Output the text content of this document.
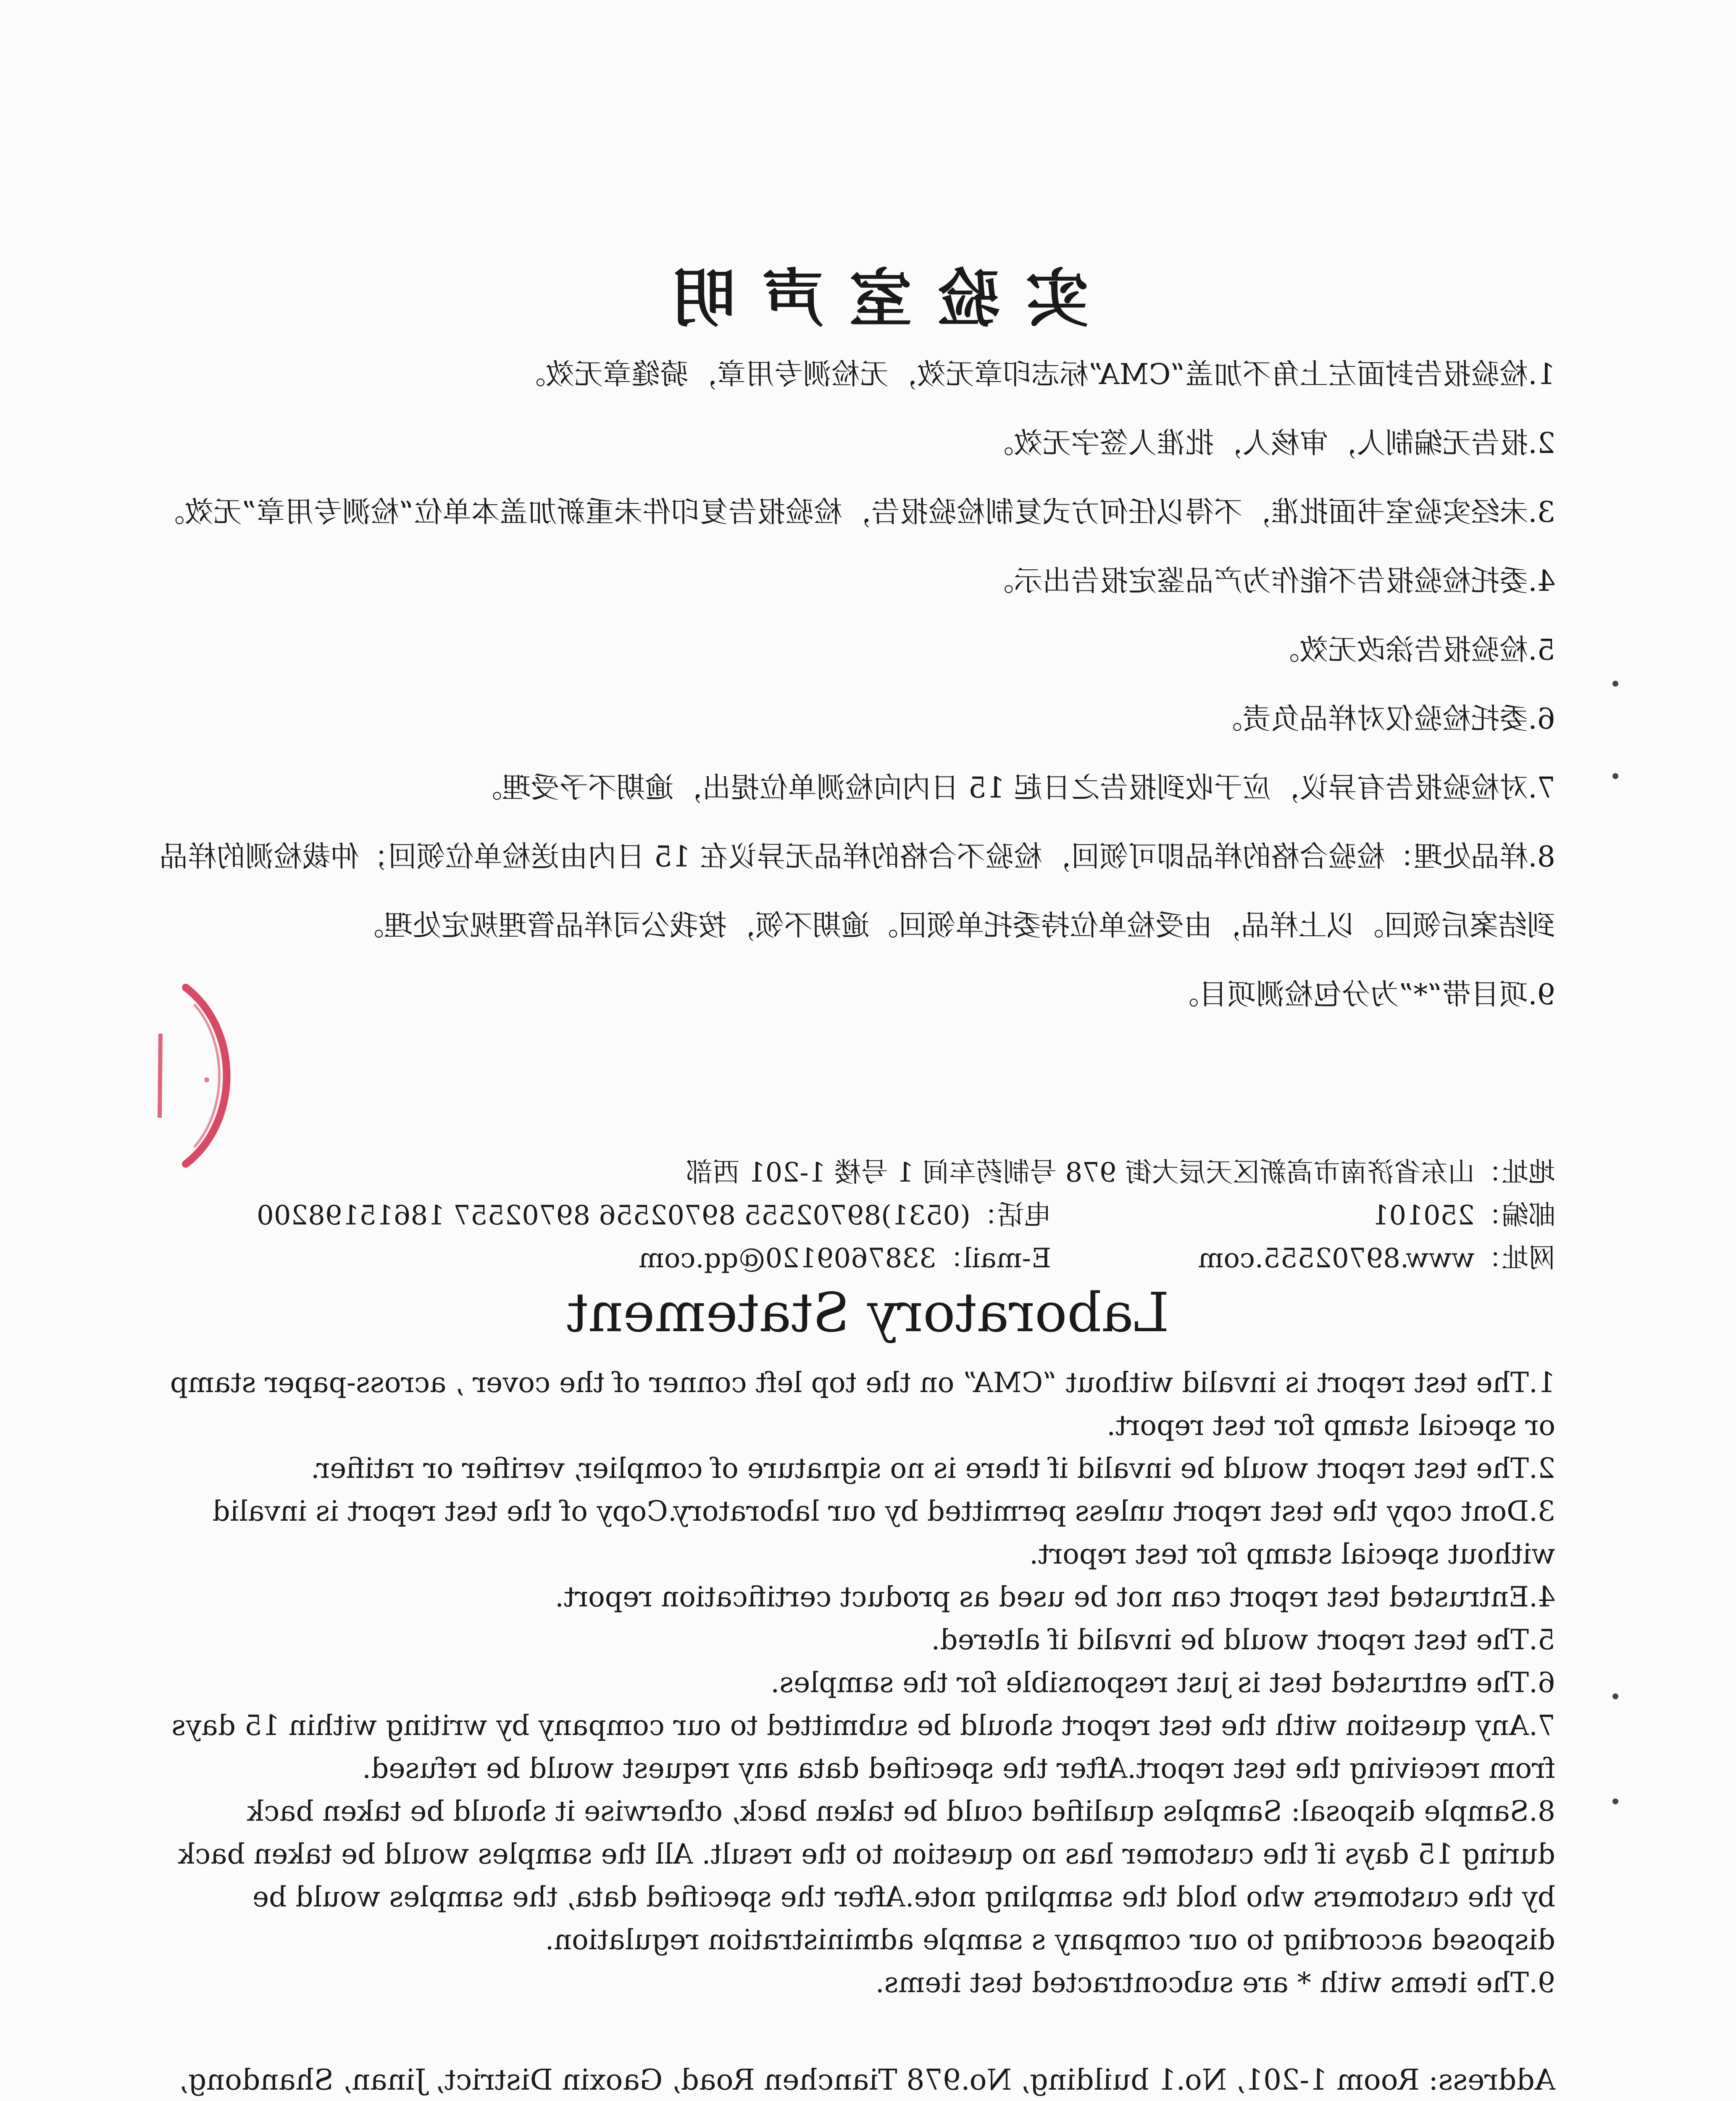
实验室声明

1.检验报告封面左上角不加盖“CMA”标志印章无效，无检测专用章，骑缝章无效。

2.报告无编制人，审核人，批准人签字无效。

3.未经实验室书面批准，不得以任何方式复制检验报告，检验报告复印件未重新加盖本单位“检测专用章”无效。

4.委托检验报告不能作为产品鉴定报告出示。

5.检验报告涂改无效。

6.委托检验仅对样品负责。

7.对检验报告有异议，应于收到报告之日起 15 日内向检测单位提出，逾期不予受理。

8.样品处理：检验合格的样品即可领回，检验不合格的样品无异议在 15 日内由送检单位领回；仲裁检测的样品到结案后领回。以上样品，由受检单位持委托单领回。逾期不领，按我公司样品管理规定处理。

9.项目带“*”为分包检测项目。

地址：山东省济南市高新区天辰大街 978 号制药车间 1 号楼 1-201 西部
邮编：250101
电话：(0531)89702555 89702556 89702557 18615198200
网址：www.89702555.com
E-mail：3387609120@qq.com
Laboratory Statement

1.The test report is invalid without “CMA” on the top left conner of the cover , across-paper stamp or special stamp for test report.

2.The test report would be invalid if there is no signature of complier, verifier or ratifier.

3.Dont copy the test report unless permitted by our laboratory.Copy of the test report is invalid without special stamp for test report.

4.Entrusted test report can not be used as product certification report.

5.The test report would be invalid if altered.

6.The entrusted test is just responsible for the samples.

7.Any question with the test report should be submitted to our company by writing within 15 days from receiving the test report.After the specified data any request would be refused.

8.Sample disposal: Samples qualified could be taken back, otherwise it should be taken back during 15 days if the customer has no question to the result. All the samples would be taken back by the customers who hold the sampling note.After the specified data, the samples would be disposed according to our company s sample administration regulation.

9.The items with * are subcontracted test items.

Address: Room 1-201, No.1 building, No.978 Tianchen Road, Gaoxin District, Jinan, Shandong,
